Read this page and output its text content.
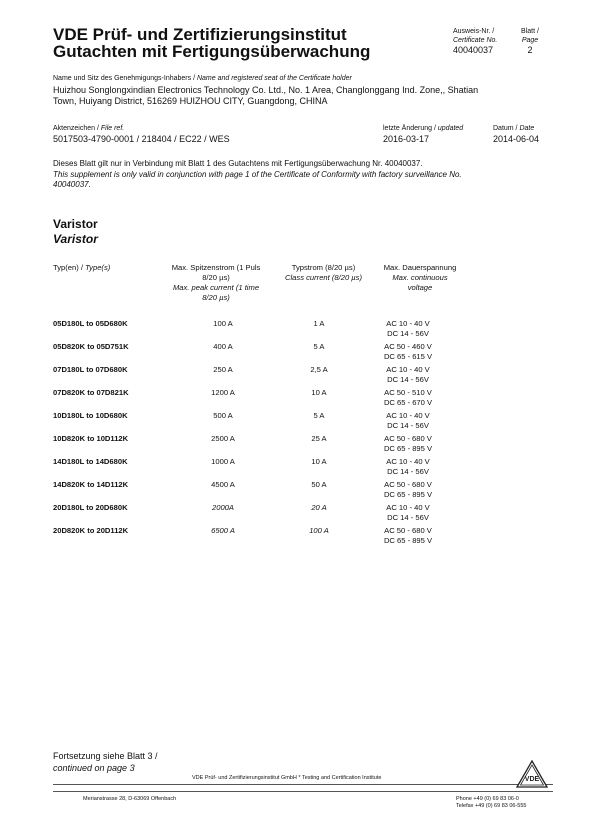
VDE Prüf- und Zertifizierungsinstitut
Gutachten mit Fertigungsüberwachung
Ausweis-Nr. /
Certificate No.
40040037
Blatt /
Page
2
Name und Sitz des Genehmigungs-Inhabers / Name and registered seat of the Certificate holder
Huizhou Songlongxindian Electronics Technology Co. Ltd., No. 1 Area, Changlonggang Ind. Zone,, Shatian
Town, Huiyang District, 516269 HUIZHOU CITY, Guangdong, CHINA
Aktenzeichen / File ref.
5017503-4790-0001 / 218404 / EC22 / WES
letzte Änderung / updated
2016-03-17
Datum / Date
2014-06-04
Dieses Blatt gilt nur in Verbindung mit Blatt 1 des Gutachtens mit Fertigungsüberwachung Nr. 40040037.
This supplement is only valid in conjunction with page 1 of the Certificate of Conformity with factory surveillance No.
40040037.
Varistor
Varistor
Typ(en) / Type(s)	Max. Spitzenstrom (1 Puls
8/20 µs)
Max. peak current (1 time
8/20 µs)
Typstrom (8/20 µs)
Class current (8/20 µs)
Max. Dauerspannung
Max. continuous
voltage
05D180L to 05D680K	100 A	1 A	AC 10 - 40 V
DC 14 - 56V

05D820K to 05D751K	400 A	5 A	AC 50 - 460 V
DC 65 - 615 V

07D180L to 07D680K	250 A	2,5 A	AC 10 - 40 V
DC 14 - 56V

07D820K to 07D821K	1200 A	10 A	AC 50 - 510 V
DC 65 - 670 V

10D180L to 10D680K	500 A	5 A	AC 10 - 40 V
DC 14 - 56V

10D820K to 10D112K	2500 A	25 A	AC 50 - 680 V
DC 65 - 895 V

14D180L to 14D680K	1000 A	10 A	AC 10 - 40 V
DC 14 - 56V

14D820K to 14D112K	4500 A	50 A	AC 50 - 680 V
DC 65 - 895 V

20D180L to 20D680K	2000A	20 A	AC 10 - 40 V
DC 14 - 56V

20D820K to 20D112K	6500 A	100 A	AC 50 - 680 V
DC 65 - 895 V
Fortsetzung siehe Blatt 3 /
continued on page 3
VDE Prüf- und Zertifizierungsinstitut GmbH * Testing and Certification Institute
Merianstrasse 28, D-63069 Offenbach	Phone +49 (0) 69 83 06-0
Telefax +49 (0) 69 83 06-555
VDE
